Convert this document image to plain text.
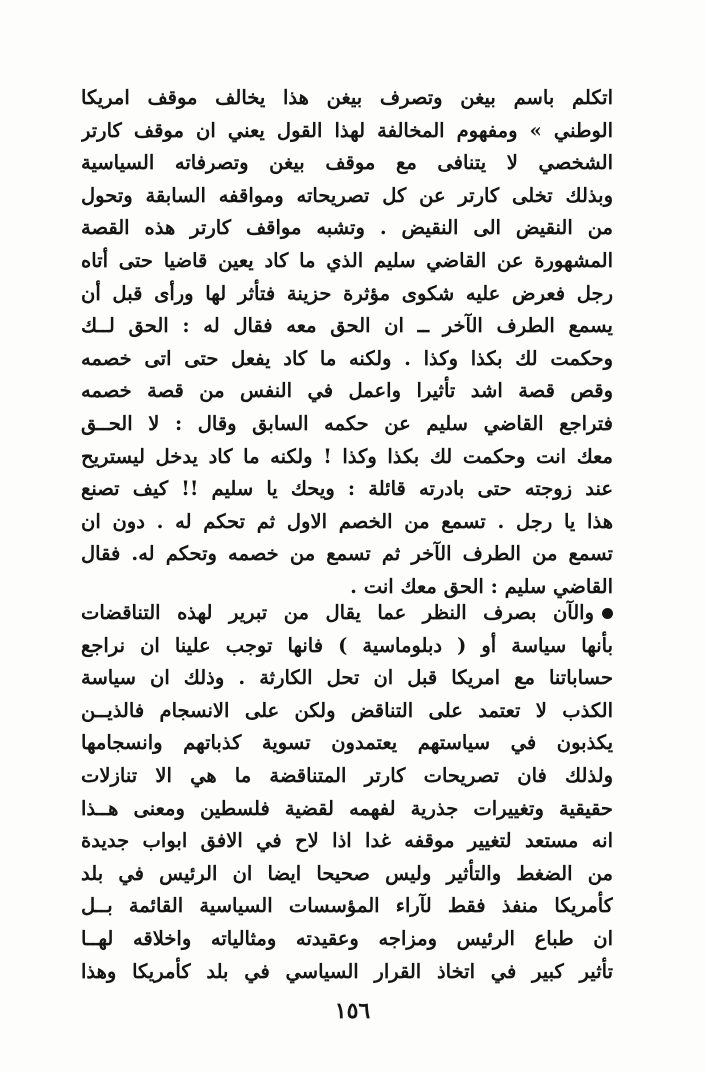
اتكلم باسم بيغن وتصرف بيغن هذا يخالف موقف امريكا
الوطني » ومفهوم المخالفة لهذا القول يعني ان موقف كارتر
الشخصي لا يتنافى مع موقف بيغن وتصرفاته السياسية
وبذلك تخلى كارتر عن كل تصريحاته ومواقفه السابقة وتحول
من النقيض الى النقيض . وتشبه مواقف كارتر هذه القصة
المشهورة عن القاضي سليم الذي ما كاد يعين قاضيا حتى أتاه
رجل فعرض عليه شكوى مؤثرة حزينة فتأثر لها ورأى قبل أن
يسمع الطرف الآخر ــ ان الحق معه فقال له : الحق لــك
وحكمت لك بكذا وكذا . ولكنه ما كاد يفعل حتى اتى خصمه
وقص قصة اشد تأثيرا واعمل في النفس من قصة خصمه
فتراجع القاضي سليم عن حكمه السابق وقال : لا الحــق
معك انت وحكمت لك بكذا وكذا ! ولكنه ما كاد يدخل ليستريح
عند زوجته حتى بادرته قائلة : ويحك يا سليم !! كيف تصنع
هذا يا رجل . تسمع من الخصم الاول ثم تحكم له . دون ان
تسمع من الطرف الآخر ثم تسمع من خصمه وتحكم له. فقال
القاضي سليم : الحق معك انت .
والآن بصرف النظر عما يقال من تبرير لهذه التناقضات
بأنها سياسة أو ( دبلوماسية ) فانها توجب علينا ان نراجع
حساباتنا مع امريكا قبل ان تحل الكارثة . وذلك ان سياسة
الكذب لا تعتمد على التناقض ولكن على الانسجام فالذيــن
يكذبون في سياستهم يعتمدون تسوية كذباتهم وانسجامها
ولذلك فان تصريحات كارتر المتناقضة ما هي الا تنازلات
حقيقية وتغييرات جذرية لفهمه لقضية فلسطين ومعنى هــذا
انه مستعد لتغيير موقفه غدا اذا لاح في الافق ابواب جديدة
من الضغط والتأثير وليس صحيحا ايضا ان الرئيس في بلد
كأمريكا منفذ فقط لآراء المؤسسات السياسية القائمة بــل
ان طباع الرئيس ومزاجه وعقيدته ومثالياته واخلاقه لهــا
تأثير كبير في اتخاذ القرار السياسي في بلد كأمريكا وهذا
١٥٦
